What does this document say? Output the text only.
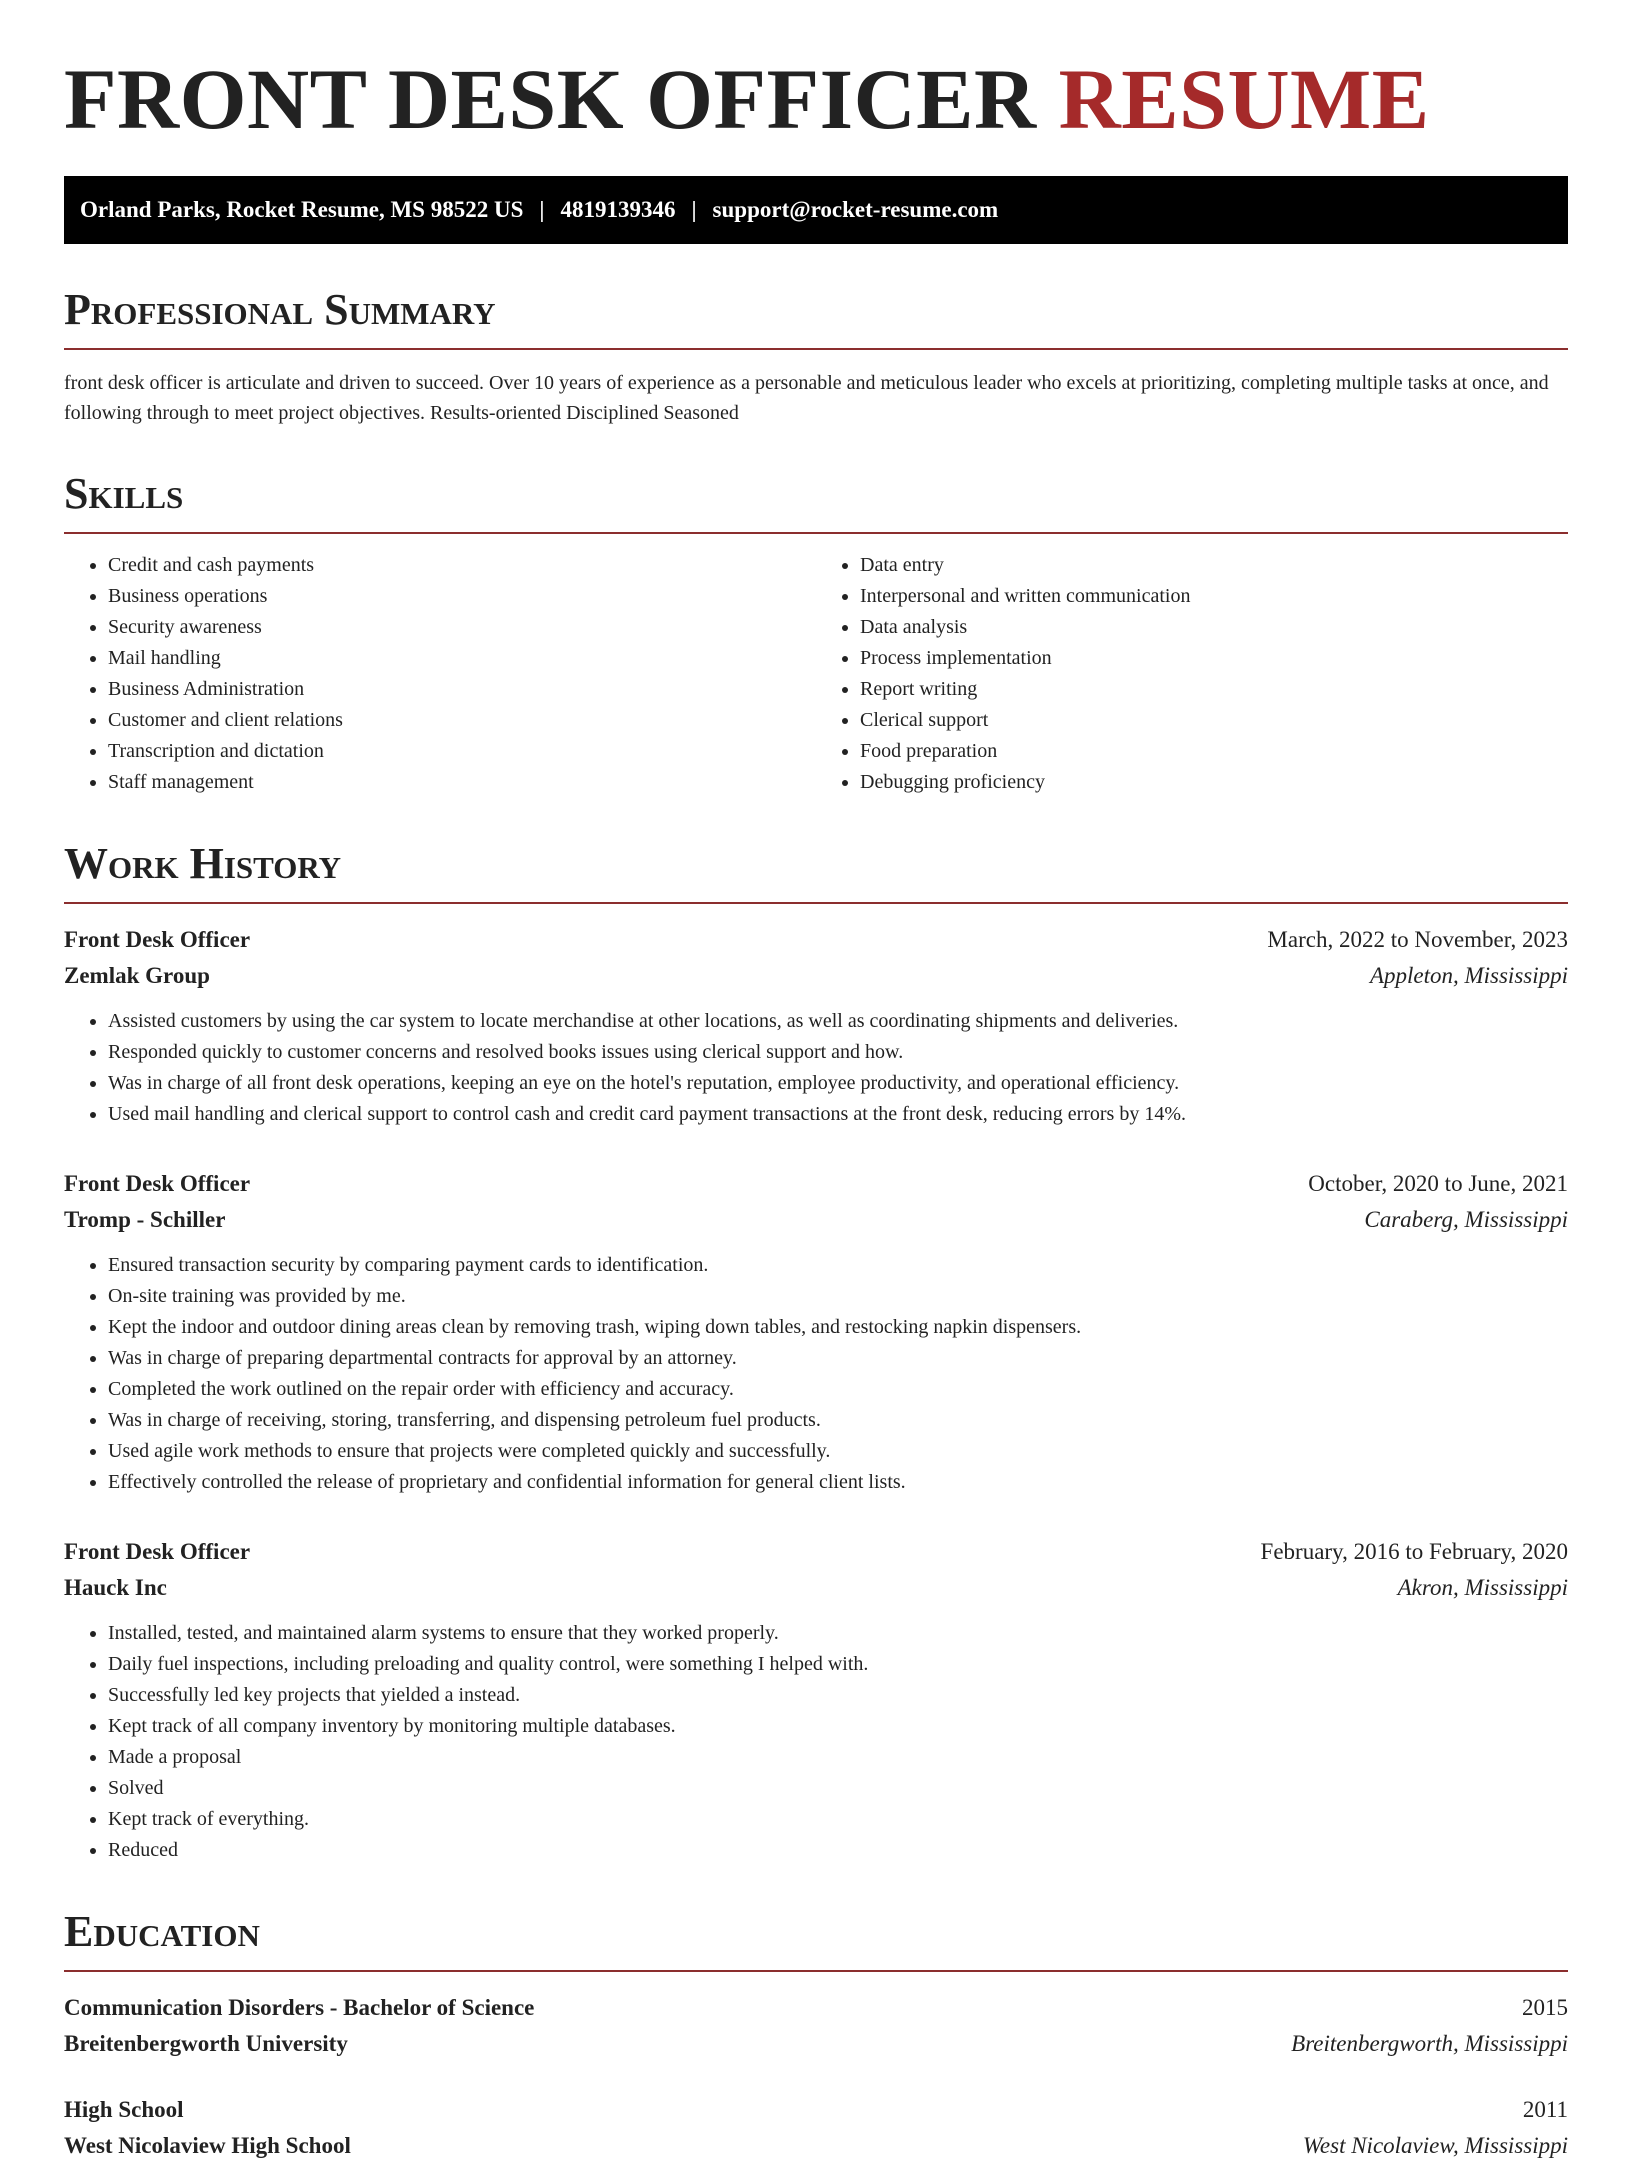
FRONT DESK OFFICER RESUME
Orland Parks, Rocket Resume, MS 98522 US | 4819139346 | support@rocket-resume.com
Professional Summary

front desk officer is articulate and driven to succeed. Over 10 years of experience as a personable and meticulous leader who excels at prioritizing, completing multiple tasks at once, and following through to meet project objectives. Results-oriented Disciplined Seasoned

Skills
• Credit and cash payments
• Business operations
• Security awareness
• Mail handling
• Business Administration
• Customer and client relations
• Transcription and dictation
• Staff management
• Data entry
• Interpersonal and written communication
• Data analysis
• Process implementation
• Report writing
• Clerical support
• Food preparation
• Debugging proficiency
Work History
Front Desk Officer	March, 2022 to November, 2023
Zemlak Group	Appleton, Mississippi
• Assisted customers by using the car system to locate merchandise at other locations, as well as coordinating shipments and deliveries.
• Responded quickly to customer concerns and resolved books issues using clerical support and how.
• Was in charge of all front desk operations, keeping an eye on the hotel's reputation, employee productivity, and operational efficiency.
• Used mail handling and clerical support to control cash and credit card payment transactions at the front desk, reducing errors by 14%.
Front Desk Officer	October, 2020 to June, 2021
Tromp - Schiller	Caraberg, Mississippi
• Ensured transaction security by comparing payment cards to identification.
• On-site training was provided by me.
• Kept the indoor and outdoor dining areas clean by removing trash, wiping down tables, and restocking napkin dispensers.
• Was in charge of preparing departmental contracts for approval by an attorney.
• Completed the work outlined on the repair order with efficiency and accuracy.
• Was in charge of receiving, storing, transferring, and dispensing petroleum fuel products.
• Used agile work methods to ensure that projects were completed quickly and successfully.
• Effectively controlled the release of proprietary and confidential information for general client lists.
Front Desk Officer	February, 2016 to February, 2020
Hauck Inc	Akron, Mississippi
• Installed, tested, and maintained alarm systems to ensure that they worked properly.
• Daily fuel inspections, including preloading and quality control, were something I helped with.
• Successfully led key projects that yielded a instead.
• Kept track of all company inventory by monitoring multiple databases.
• Made a proposal
• Solved
• Kept track of everything.
• Reduced
Education
Communication Disorders - Bachelor of Science	2015
Breitenbergworth University	Breitenbergworth, Mississippi
High School	2011
West Nicolaview High School	West Nicolaview, Mississippi
